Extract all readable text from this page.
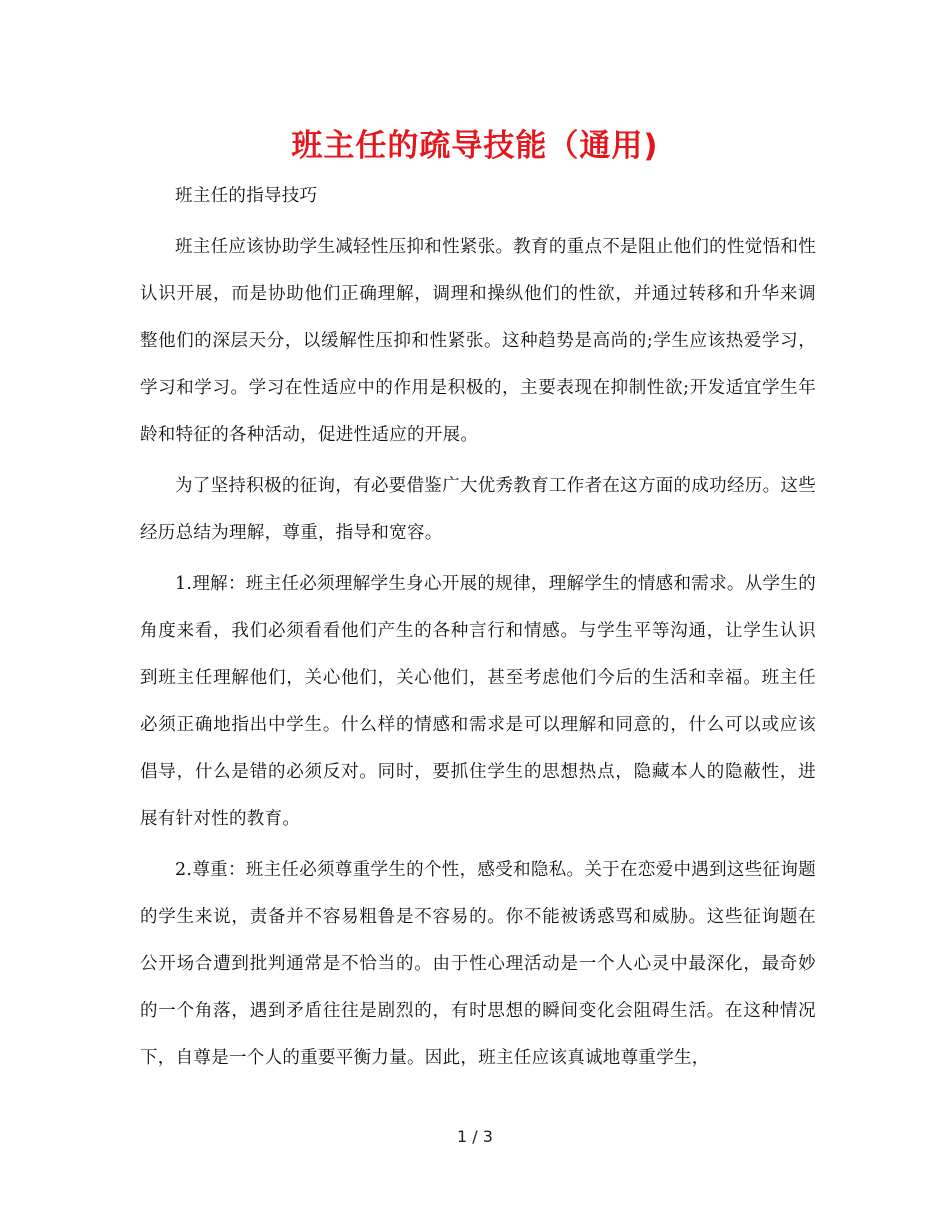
班主任的疏导技能（通用)

班主任的指导技巧

班主任应该协助学生减轻性压抑和性紧张。教育的重点不是阻止他们的性觉悟和性认识开展，而是协助他们正确理解，调理和操纵他们的性欲，并通过转移和升华来调整他们的深层天分，以缓解性压抑和性紧张。这种趋势是高尚的;学生应该热爱学习，学习和学习。学习在性适应中的作用是积极的，主要表现在抑制性欲;开发适宜学生年龄和特征的各种活动，促进性适应的开展。

为了坚持积极的征询，有必要借鉴广大优秀教育工作者在这方面的成功经历。这些经历总结为理解，尊重，指导和宽容。

1.理解：班主任必须理解学生身心开展的规律，理解学生的情感和需求。从学生的角度来看，我们必须看看他们产生的各种言行和情感。与学生平等沟通，让学生认识到班主任理解他们，关心他们，关心他们，甚至考虑他们今后的生活和幸福。班主任必须正确地指出中学生。什么样的情感和需求是可以理解和同意的，什么可以或应该倡导，什么是错的必须反对。同时，要抓住学生的思想热点，隐藏本人的隐蔽性，进展有针对性的教育。

2.尊重：班主任必须尊重学生的个性，感受和隐私。关于在恋爱中遇到这些征询题的学生来说，责备并不容易粗鲁是不容易的。你不能被诱惑骂和威胁。这些征询题在公开场合遭到批判通常是不恰当的。由于性心理活动是一个人心灵中最深化，最奇妙的一个角落，遇到矛盾往往是剧烈的，有时思想的瞬间变化会阻碍生活。在这种情况下，自尊是一个人的重要平衡力量。因此，班主任应该真诚地尊重学生，

1 / 3
